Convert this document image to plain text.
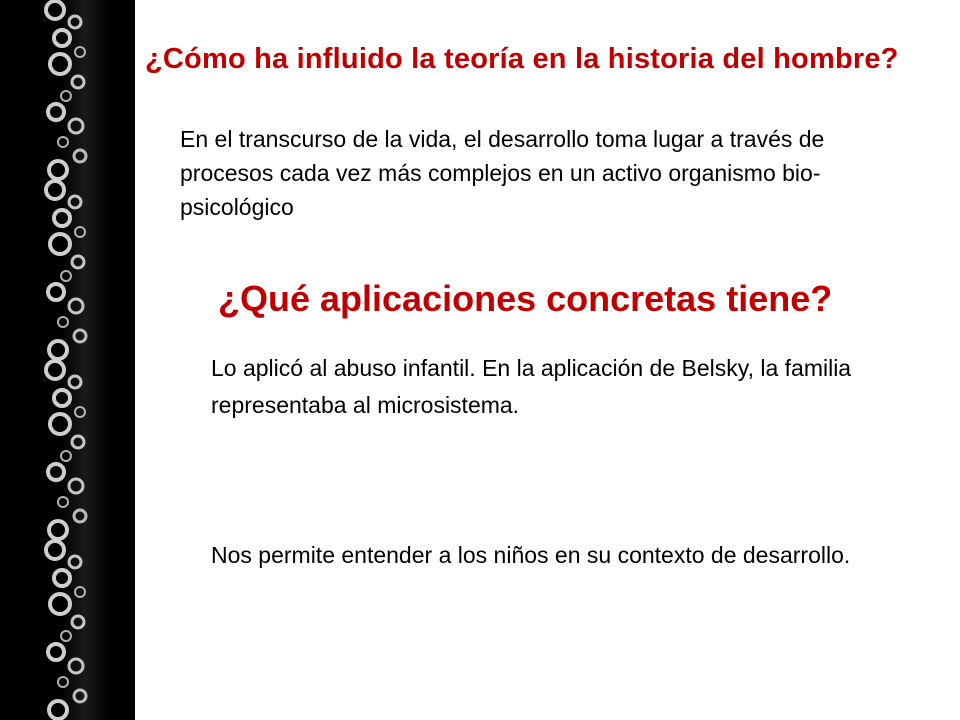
¿Cómo ha influido la teoría en la historia del hombre?

En el transcurso de la vida, el desarrollo toma lugar a través de procesos cada vez más complejos en un activo organismo bio-psicológico

¿Qué aplicaciones concretas tiene?

Lo aplicó al abuso infantil. En la aplicación de Belsky, la familia representaba al microsistema.

Nos permite entender a los niños en su contexto de desarrollo.
